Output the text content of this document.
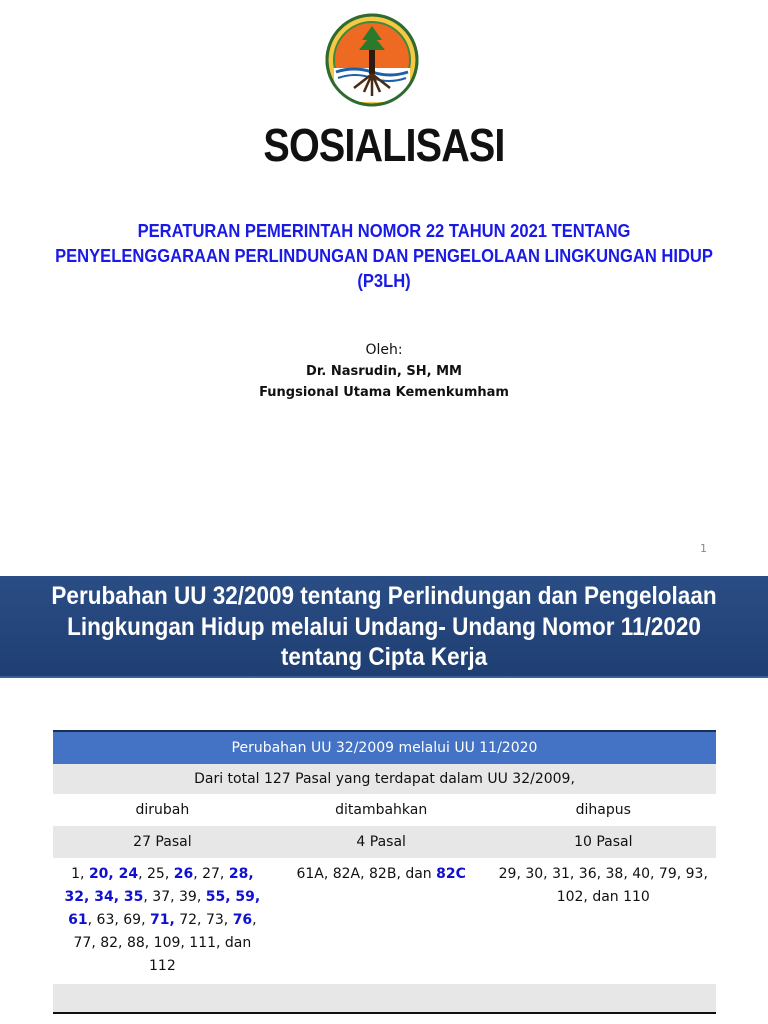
SOSIALISASI
PERATURAN PEMERINTAH NOMOR 22 TAHUN 2021 TENTANG
PENYELENGGARAAN PERLINDUNGAN DAN PENGELOLAAN LINGKUNGAN HIDUP (P3LH)
Oleh:
Dr. Nasrudin, SH, MM
Fungsional Utama Kemenkumham
1
Perubahan UU 32/2009 tentang Perlindungan dan Pengelolaan
Lingkungan Hidup melalui Undang- Undang Nomor 11/2020
tentang Cipta Kerja
Perubahan UU 32/2009 melalui UU 11/2020		
Dari total 127 Pasal yang terdapat dalam UU 32/2009,		
dirubah	ditambahkan	dihapus
27 Pasal	4 Pasal	10 Pasal
1, 20, 24, 25, 26, 27, 28, 32, 34, 35, 37, 39, 55, 59, 61, 63, 69, 71, 72, 73, 76, 77, 82, 88, 109, 111, dan 112	61A, 82A, 82B, dan 82C	29, 30, 31, 36, 38, 40, 79, 93, 102, dan 110
